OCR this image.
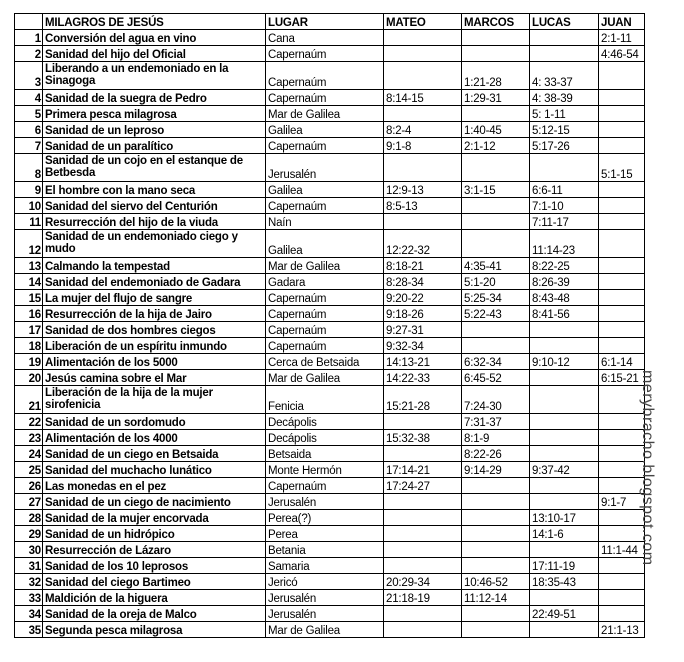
	MILAGROS DE JESÚS	LUGAR	MATEO	MARCOS	LUCAS	JUAN
1	Conversión del agua en vino	Cana				2:1-11
2	Sanidad del hijo del Oficial	Capernaúm				4:46-54
3	Liberando a un endemoniado en la Sinagoga	Capernaúm		1:21-28	4: 33-37	
4	Sanidad de la suegra de Pedro	Capernaúm	8:14-15	1:29-31	4: 38-39	
5	Primera pesca milagrosa	Mar de Galilea			5: 1-11	
6	Sanidad de un leproso	Galilea	8:2-4	1:40-45	5:12-15	
7	Sanidad de un paralítico	Capernaúm	9:1-8	2:1-12	5:17-26	
8	Sanidad de un cojo en el estanque de Betbesda	Jerusalén				5:1-15
9	El hombre con la mano seca	Galilea	12:9-13	3:1-15	6:6-11	
10	Sanidad del siervo del Centurión	Capernaúm	8:5-13		7:1-10	
11	Resurrección del hijo de la viuda	Naín			7:11-17	
12	Sanidad de un endemoniado ciego y mudo	Galilea	12:22-32		11:14-23	
13	Calmando la tempestad	Mar de Galilea	8:18-21	4:35-41	8:22-25	
14	Sanidad del endemoniado de Gadara	Gadara	8:28-34	5:1-20	8:26-39	
15	La mujer del flujo de sangre	Capernaúm	9:20-22	5:25-34	8:43-48	
16	Resurrección de la hija de Jairo	Capernaúm	9:18-26	5:22-43	8:41-56	
17	Sanidad de dos hombres ciegos	Capernaúm	9:27-31			
18	Liberación de un espíritu inmundo	Capernaúm	9:32-34			
19	Alimentación de los 5000	Cerca de Betsaida	14:13-21	6:32-34	9:10-12	6:1-14
20	Jesús camina sobre el Mar	Mar de Galilea	14:22-33	6:45-52		6:15-21
21	Liberación de la hija de la mujer sirofenicia	Fenicia	15:21-28	7:24-30		
22	Sanidad de un sordomudo	Decápolis		7:31-37		
23	Alimentación de los 4000	Decápolis	15:32-38	8:1-9		
24	Sanidad de un ciego en Betsaida	Betsaida		8:22-26		
25	Sanidad del muchacho lunático	Monte Hermón	17:14-21	9:14-29	9:37-42	
26	Las monedas en el pez	Capernaúm	17:24-27			
27	Sanidad de un ciego de nacimiento	Jerusalén				9:1-7
28	Sanidad de la mujer encorvada	Perea(?)			13:10-17	
29	Sanidad de un hidrópico	Perea			14:1-6	
30	Resurrección de Lázaro	Betania				11:1-44
31	Sanidad de los 10 leprosos	Samaria			17:11-19	
32	Sanidad del ciego Bartimeo	Jericó	20:29-34	10:46-52	18:35-43	
33	Maldición de la higuera	Jerusalén	21:18-19	11:12-14		
34	Sanidad de la oreja de Malco	Jerusalén			22:49-51	
35	Segunda pesca milagrosa	Mar de Galilea				21:1-13
merybracho.blogspot.com
